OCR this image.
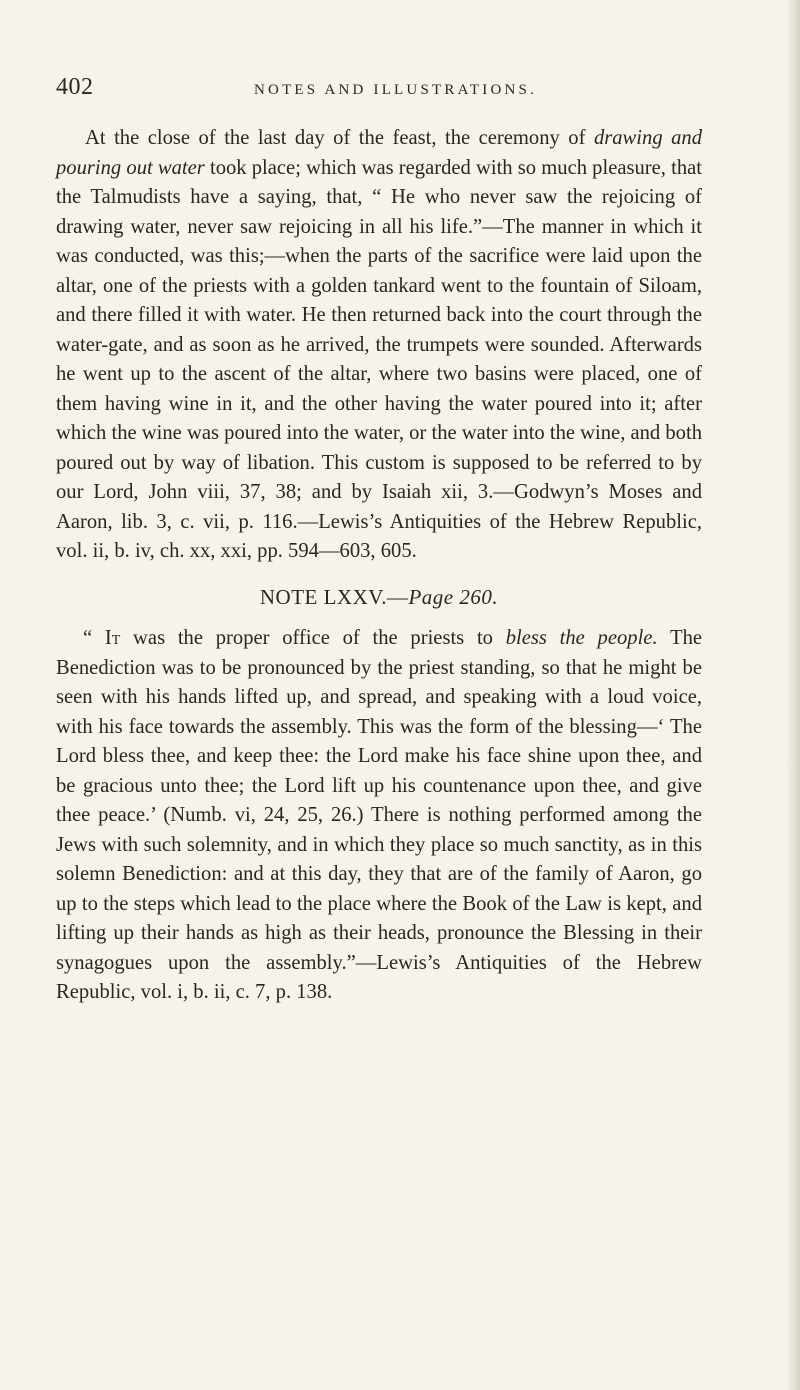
402	NOTES AND ILLUSTRATIONS.

At the close of the last day of the feast, the ceremony of drawing and pouring out water took place; which was regarded with so much pleasure, that the Talmudists have a saying, that, “ He who never saw the rejoicing of drawing water, never saw rejoicing in all his life.”—The manner in which it was conducted, was this;—when the parts of the sacrifice were laid upon the altar, one of the priests with a golden tankard went to the fountain of Siloam, and there filled it with water. He then returned back into the court through the water-gate, and as soon as he arrived, the trumpets were sounded. Afterwards he went up to the ascent of the altar, where two basins were placed, one of them having wine in it, and the other having the water poured into it; after which the wine was poured into the water, or the water into the wine, and both poured out by way of libation. This custom is supposed to be referred to by our Lord, John viii, 37, 38; and by Isaiah xii, 3.—Godwyn’s Moses and Aaron, lib. 3, c. vii, p. 116.—Lewis’s Antiquities of the Hebrew Republic, vol. ii, b. iv, ch. xx, xxi, pp. 594—603, 605.

NOTE LXXV.—Page 260.

“ It was the proper office of the priests to bless the people. The Benediction was to be pronounced by the priest standing, so that he might be seen with his hands lifted up, and spread, and speaking with a loud voice, with his face towards the assembly. This was the form of the blessing—‘ The Lord bless thee, and keep thee: the Lord make his face shine upon thee, and be gracious unto thee; the Lord lift up his countenance upon thee, and give thee peace.’ (Numb. vi, 24, 25, 26.) There is nothing performed among the Jews with such solemnity, and in which they place so much sanctity, as in this solemn Benediction: and at this day, they that are of the family of Aaron, go up to the steps which lead to the place where the Book of the Law is kept, and lifting up their hands as high as their heads, pronounce the Blessing in their synagogues upon the assembly.”—Lewis’s Antiquities of the Hebrew Republic, vol. i, b. ii, c. 7, p. 138.
